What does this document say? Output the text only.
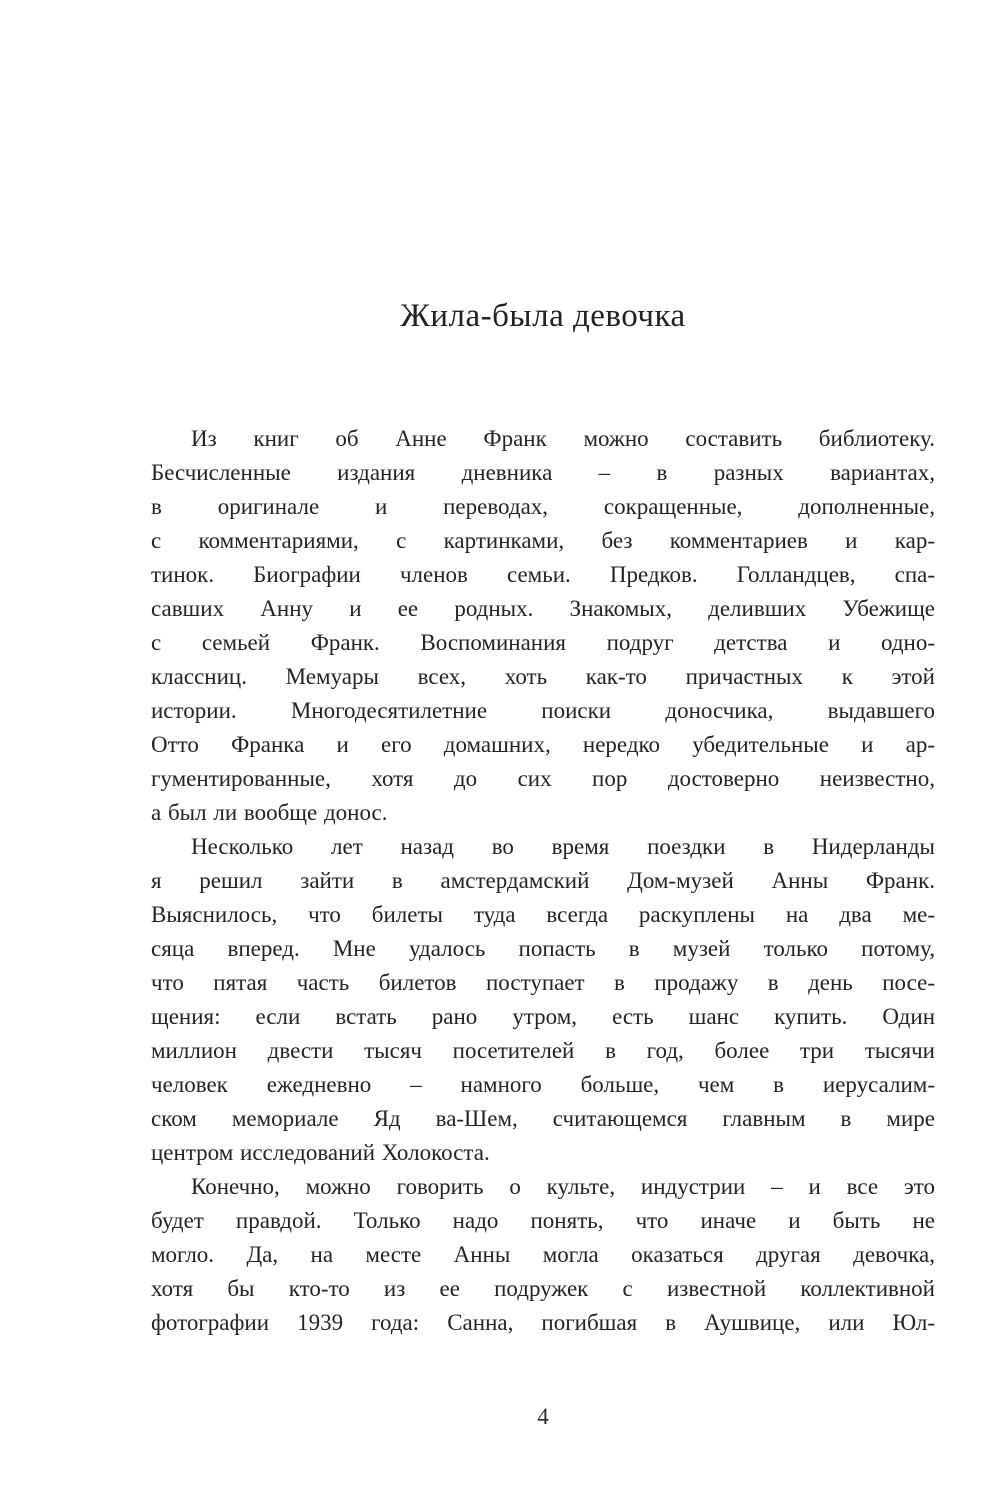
Жила-была девочка
Из книг об Анне Франк можно составить библиотеку.
Бесчисленные издания дневника – в разных вариантах,
в оригинале и переводах, сокращенные, дополненные,
с комментариями, с картинками, без комментариев и кар-
тинок. Биографии членов семьи. Предков. Голландцев, спа-
савших Анну и ее родных. Знакомых, деливших Убежище
с семьей Франк. Воспоминания подруг детства и одно-
классниц. Мемуары всех, хоть как-то причастных к этой
истории. Многодесятилетние поиски доносчика, выдавшего
Отто Франка и его домашних, нередко убедительные и ар-
гументированные, хотя до сих пор достоверно неизвестно,
а был ли вообще донос.
Несколько лет назад во время поездки в Нидерланды
я решил зайти в амстердамский Дом-музей Анны Франк.
Выяснилось, что билеты туда всегда раскуплены на два ме-
сяца вперед. Мне удалось попасть в музей только потому,
что пятая часть билетов поступает в продажу в день посе-
щения: если встать рано утром, есть шанс купить. Один
миллион двести тысяч посетителей в год, более три тысячи
человек ежедневно – намного больше, чем в иерусалим-
ском мемориале Яд ва-Шем, считающемся главным в мире
центром исследований Холокоста.
Конечно, можно говорить о культе, индустрии – и все это
будет правдой. Только надо понять, что иначе и быть не
могло. Да, на месте Анны могла оказаться другая девочка,
хотя бы кто-то из ее подружек с известной коллективной
фотографии 1939 года: Санна, погибшая в Аушвице, или Юл-
4
